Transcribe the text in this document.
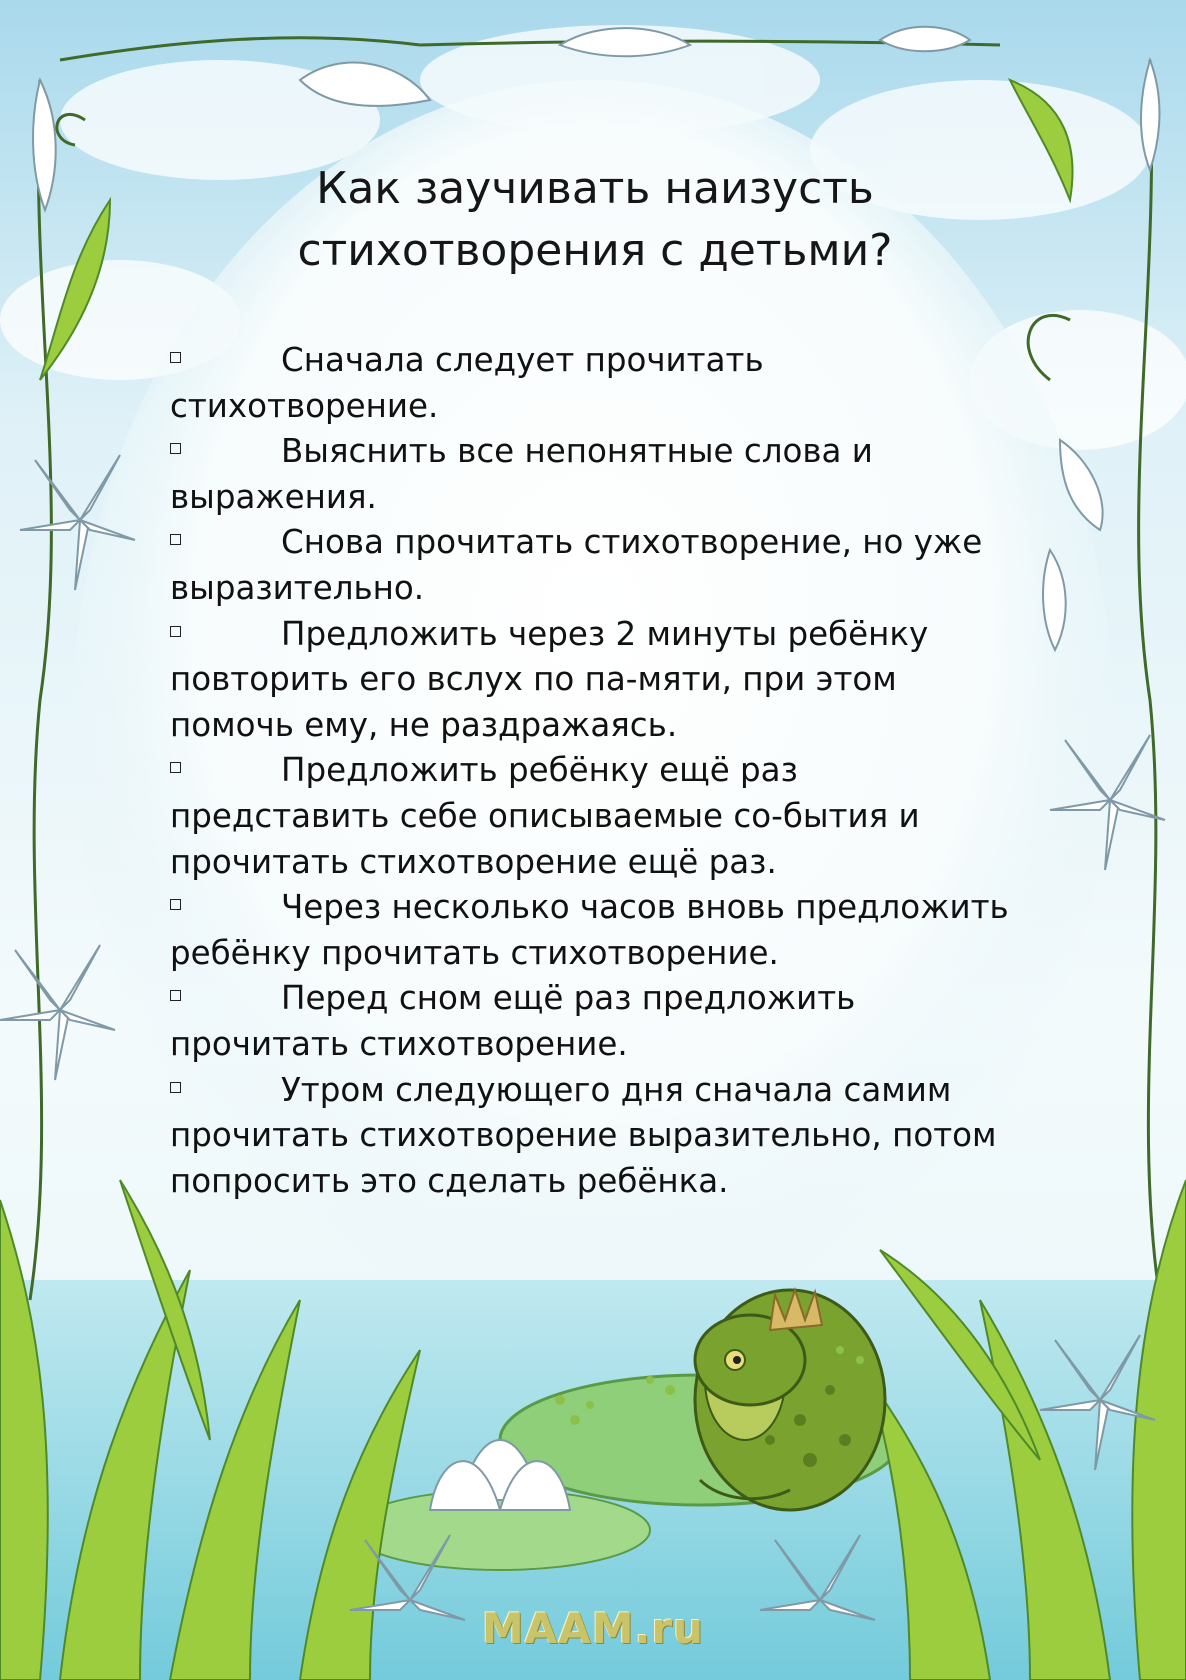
Как заучивать наизусть
стихотворения с детьми?
Сначала следует прочитать стихотворение.
Выяснить все непонятные слова и выражения.
Снова прочитать стихотворение, но уже выразительно.
Предложить через 2 минуты ребёнку повторить его вслух по па-мяти, при этом помочь ему, не раздражаясь.
Предложить ребёнку ещё раз представить себе описываемые со-бытия и прочитать стихотворение ещё раз.
Через несколько часов вновь предложить ребёнку прочитать стихотворение.
Перед сном ещё раз предложить прочитать стихотворение.
Утром следующего дня сначала самим прочитать стихотворение выразительно, потом попросить это сделать ребёнка.
MAAM.ru
